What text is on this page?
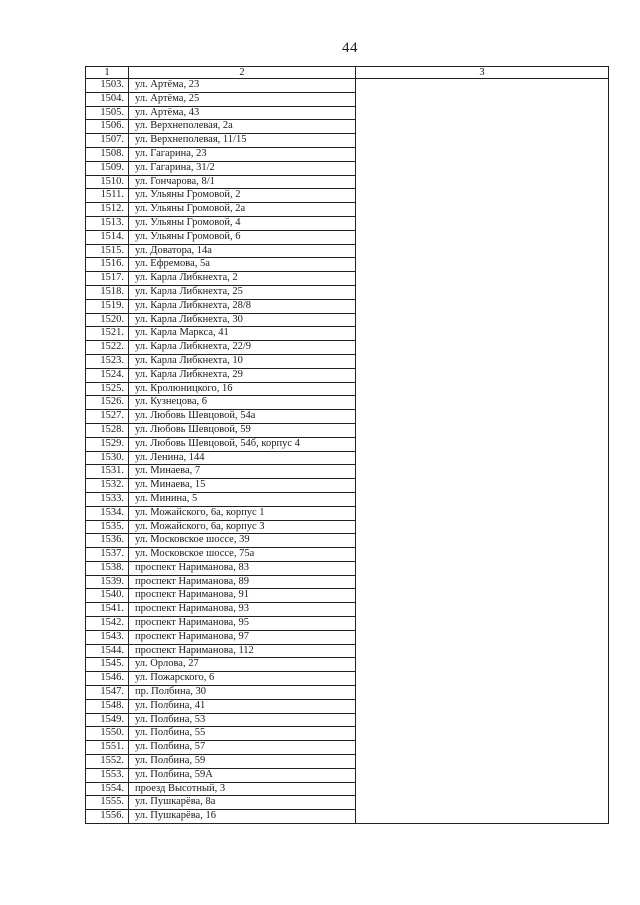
44
1	2	3
1503.	ул. Артёма, 23	
1504.	ул. Артёма, 25	
1505.	ул. Артёма, 43	
1506.	ул. Верхнеполевая, 2а	
1507.	ул. Верхнеполевая, 11/15	
1508.	ул. Гагарина, 23	
1509.	ул. Гагарина, 31/2	
1510.	ул. Гончарова, 8/1	
1511.	ул. Ульяны Громовой, 2	
1512.	ул. Ульяны Громовой, 2а	
1513.	ул. Ульяны Громовой, 4	
1514.	ул. Ульяны Громовой, 6	
1515.	ул. Доватора, 14а	
1516.	ул. Ефремова, 5а	
1517.	ул. Карла Либкнехта, 2	
1518.	ул. Карла Либкнехта, 25	
1519.	ул. Карла Либкнехта, 28/8	
1520.	ул. Карла Либкнехта, 30	
1521.	ул. Карла Маркса, 41	
1522.	ул. Карла Либкнехта, 22/9	
1523.	ул. Карла Либкнехта, 10	
1524.	ул. Карла Либкнехта, 29	
1525.	ул. Кролюницкого, 16	
1526.	ул. Кузнецова, 6	
1527.	ул. Любовь Шевцовой, 54а	
1528.	ул. Любовь Шевцовой, 59	
1529.	ул. Любовь Шевцовой, 54б, корпус 4	
1530.	ул. Ленина, 144	
1531.	ул. Минаева, 7	
1532.	ул. Минаева, 15	
1533.	ул. Минина, 5	
1534.	ул. Можайского, 6а, корпус 1	
1535.	ул. Можайского, 6а, корпус 3	
1536.	ул. Московское шоссе, 39	
1537.	ул. Московское шоссе, 75а	
1538.	проспект Нариманова, 83	
1539.	проспект Нариманова, 89	
1540.	проспект Нариманова, 91	
1541.	проспект Нариманова, 93	
1542.	проспект Нариманова, 95	
1543.	проспект Нариманова, 97	
1544.	проспект Нариманова, 112	
1545.	ул. Орлова, 27	
1546.	ул. Пожарского, 6	
1547.	пр. Полбина, 30	
1548.	ул. Полбина, 41	
1549.	ул. Полбина, 53	
1550.	ул. Полбина, 55	
1551.	ул. Полбина, 57	
1552.	ул. Полбина, 59	
1553.	ул. Полбина, 59А	
1554.	проезд Высотный, 3	
1555.	ул. Пушкарёва, 8а	
1556.	ул. Пушкарёва, 16	
